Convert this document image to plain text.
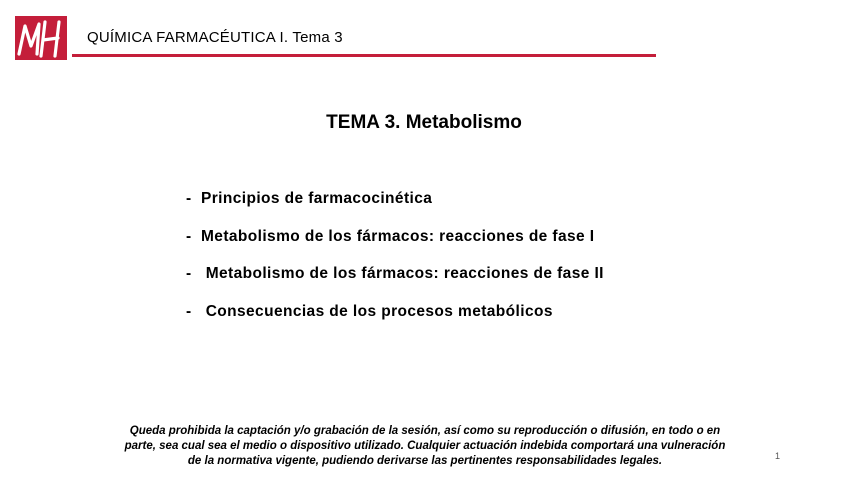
QUÍMICA FARMACÉUTICA I. Tema 3
TEMA 3. Metabolismo
- Principios de farmacocinética
- Metabolismo de los fármacos: reacciones de fase I
- Metabolismo de los fármacos: reacciones de fase II
- Consecuencias de los procesos metabólicos
Queda prohibida la captación y/o grabación de la sesión, así como su reproducción o difusión, en todo o en
parte, sea cual sea el medio o dispositivo utilizado. Cualquier actuación indebida comportará una vulneración
de la normativa vigente, pudiendo derivarse las pertinentes responsabilidades legales.	1
